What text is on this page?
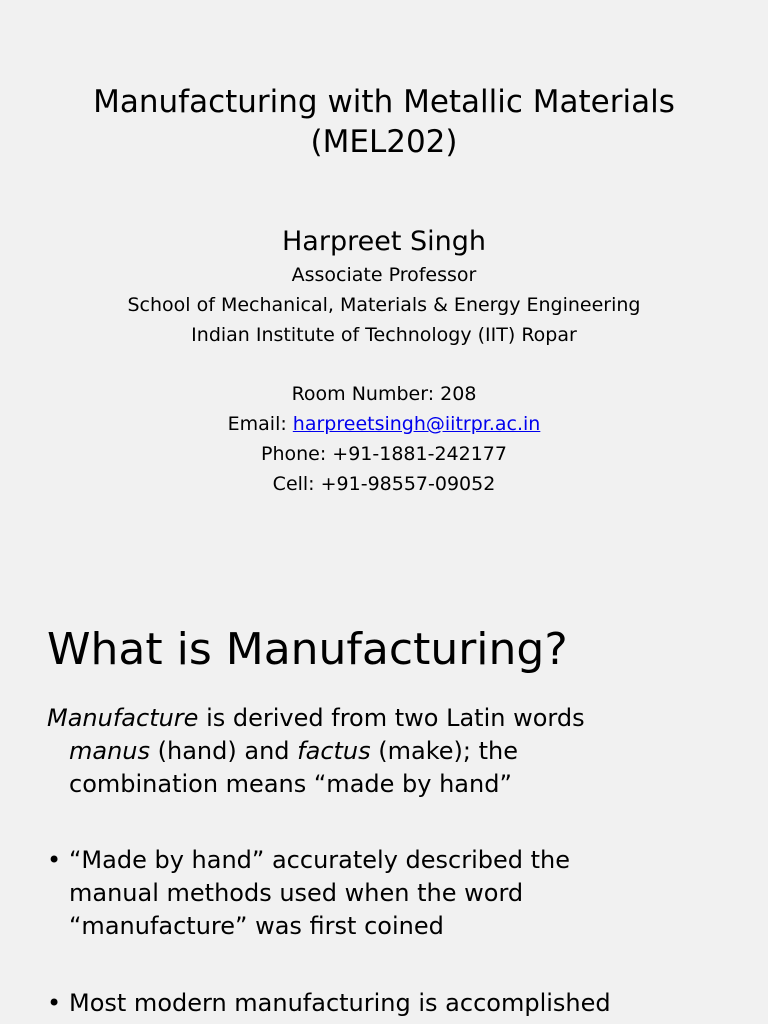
Manufacturing with Metallic Materials
(MEL202)
Harpreet Singh
Associate Professor
School of Mechanical, Materials & Energy Engineering
Indian Institute of Technology (IIT) Ropar
Room Number: 208
Email: harpreetsingh@iitrpr.ac.in
Phone: +91-1881-242177
Cell: +91-98557-09052
What is Manufacturing?
Manufacture is derived from two Latin words
manus (hand) and factus (make); the
combination means “made by hand”
• “Made by hand” accurately described the
manual methods used when the word
“manufacture” was first coined
• Most modern manufacturing is accomplished
